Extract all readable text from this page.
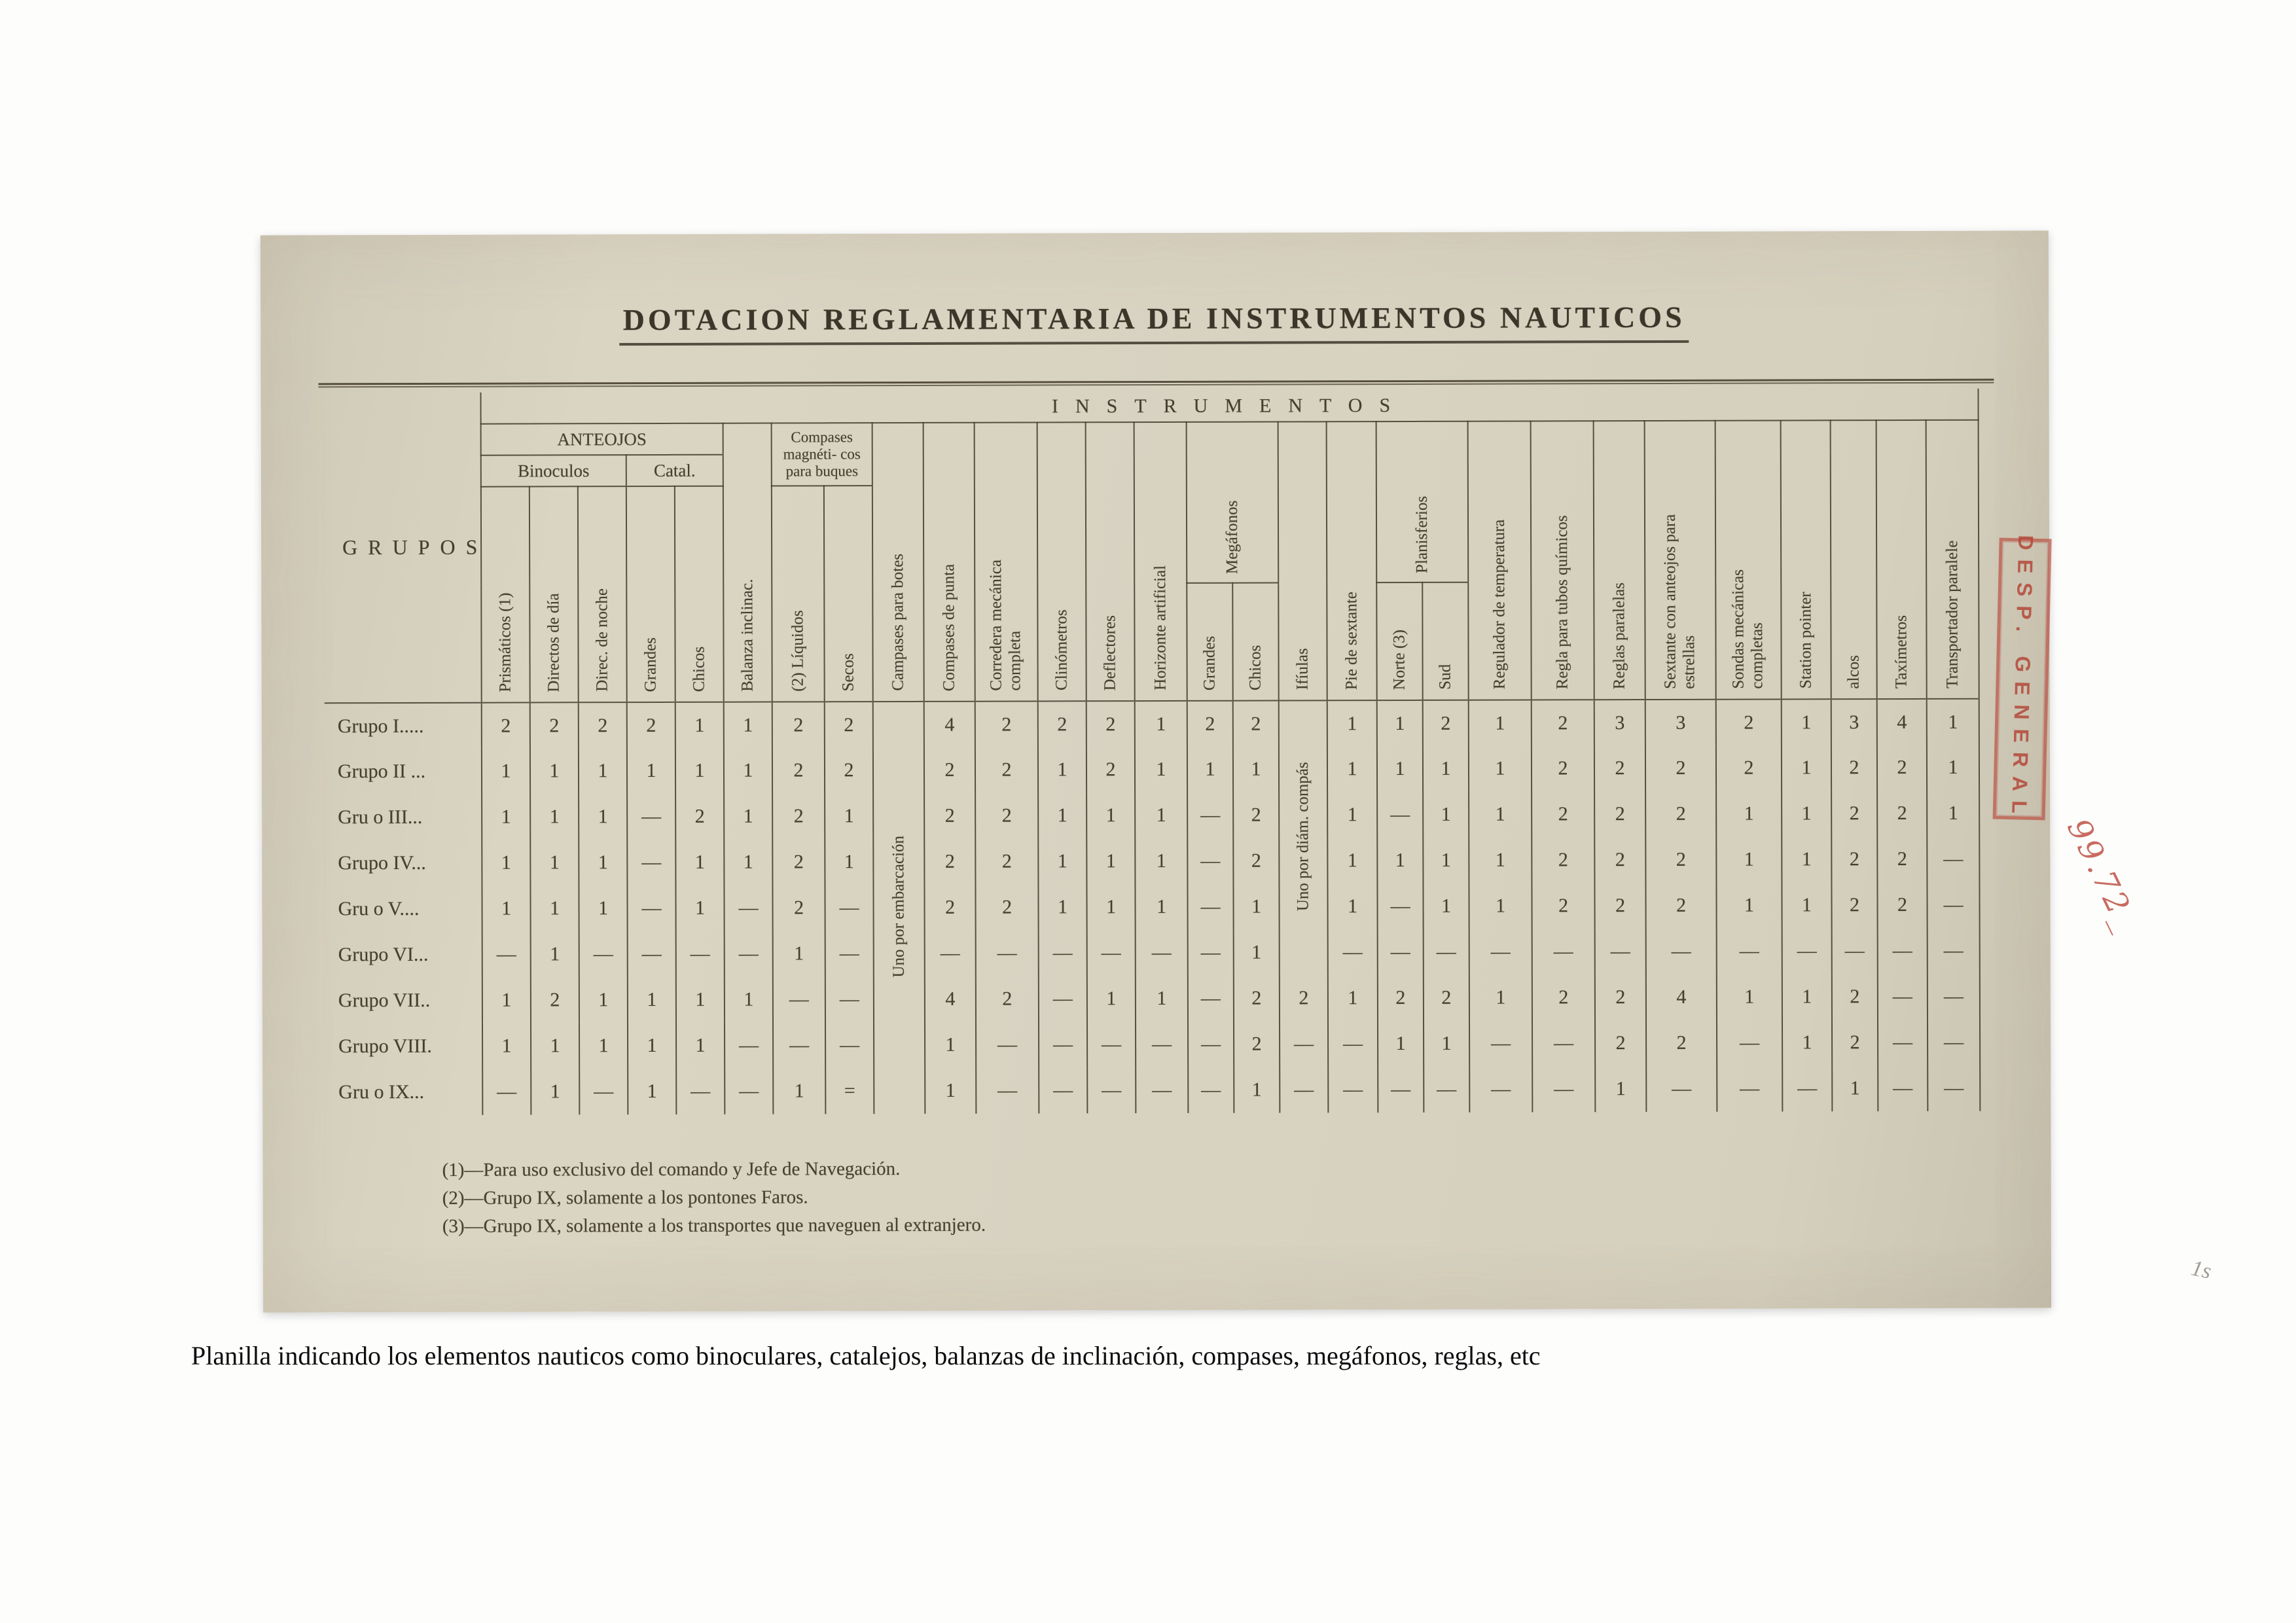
DOTACION REGLAMENTARIA DE INSTRUMENTOS NAUTICOS
GRUPOS	INSTRUMENTOS																												
	ANTEOJOS					Balanza inclinac.	Compases magnéti- cos para buques		Campases para botes	Compases de punta	Corredera mecánica completa	Clinómetros	Deflectores	Horizonte artificial	Megáfonos		Ifíulas	Pie de sextante	Planisferios		Regulador de temperatura	Regla para tubos químicos	Reglas paralelas	Sextante con anteojos para estrellas	Sondas mecánicas completas	Station pointer	alcos	Taxímetros	Transportador paralele
	Binoculos			Catal.																									
	Prismáticos (1)	Directos de día	Direc. de noche	Grandes	Chicos		(2) Líquidos	Secos																					
															Grandes	Chicos			Norte (3)	Sud									
Grupo I.....	2	2	2	2	1	1	2	2	Uno por embarcación	4	2	2	2	1	2	2	Uno por diám. compás	1	1	2	1	2	3	3	2	1	3	4	1
Grupo II ...	1	1	1	1	1	1	2	2		2	2	1	2	1	1	1		1	1	1	1	2	2	2	2	1	2	2	1
Gru o III...	1	1	1	—	2	1	2	1		2	2	1	1	1	—	2		1	—	1	1	2	2	2	1	1	2	2	1
Grupo IV...	1	1	1	—	1	1	2	1		2	2	1	1	1	—	2		1	1	1	1	2	2	2	1	1	2	2	—
Gru o V....	1	1	1	—	1	—	2	—		2	2	1	1	1	—	1		1	—	1	1	2	2	2	1	1	2	2	—
Grupo VI...	—	1	—	—	—	—	1	—		—	—	—	—	—	—	1		—	—	—	—	—	—	—	—	—	—	—	—
Grupo VII..	1	2	1	1	1	1	—	—		4	2	—	1	1	—	2	2	1	2	2	1	2	2	4	1	1	2	—	—
Grupo VIII.	1	1	1	1	1	—	—	—		1	—	—	—	—	—	2	—	—	1	1	—	—	2	2	—	1	2	—	—
Gru o IX...	—	1	—	1	—	—	1	=		1	—	—	—	—	—	1	—	—	—	—	—	—	1	—	—	—	1	—	—
(1)—Para uso exclusivo del comando y Jefe de Navegación.
(2)—Grupo IX, solamente a los pontones Faros.
(3)—Grupo IX, solamente a los transportes que naveguen al extranjero.
DESP. GENERAL
99.72_
1s
Planilla indicando los elementos nauticos como binoculares, catalejos, balanzas de inclinación, compases, megáfonos, reglas, etc
